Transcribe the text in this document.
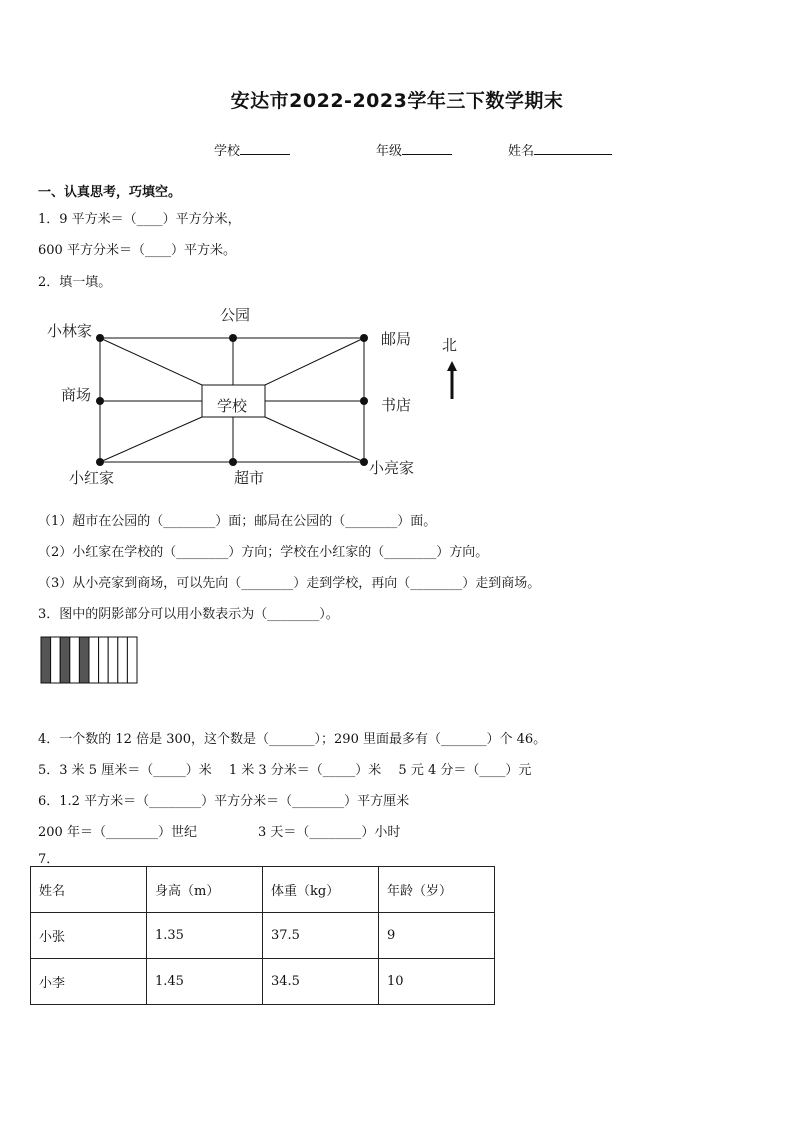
安达市2022-2023学年三下数学期末
学校	年级	姓名
一、认真思考，巧填空。
1．9 平方米＝（____）平方分米，
600 平方分米＝（____）平方米。
2．填一填。
小林家
公园
邮局
商场
学校	书店
小红家	超市
小亮家
北
（1）超市在公园的（________）面；邮局在公园的（________）面。
（2）小红家在学校的（________）方向；学校在小红家的（________）方向。
（3）从小亮家到商场，可以先向（________）走到学校，再向（________）走到商场。
3．图中的阴影部分可以用小数表示为（________）。
4．一个数的 12 倍是 300，这个数是（_______）；290 里面最多有（_______）个 46。
5．3 米 5 厘米＝（_____）米　 1 米 3 分米＝（_____）米　 5 元 4 分＝（____）元
6．1.2 平方米＝（________）平方分米＝（________）平方厘米
200 年＝（________）世纪	3 天＝（________）小时
7．
姓名	身高（m）	体重（kg）	年龄（岁）
小张	1.35	37.5	9
小李	1.45	34.5	10
